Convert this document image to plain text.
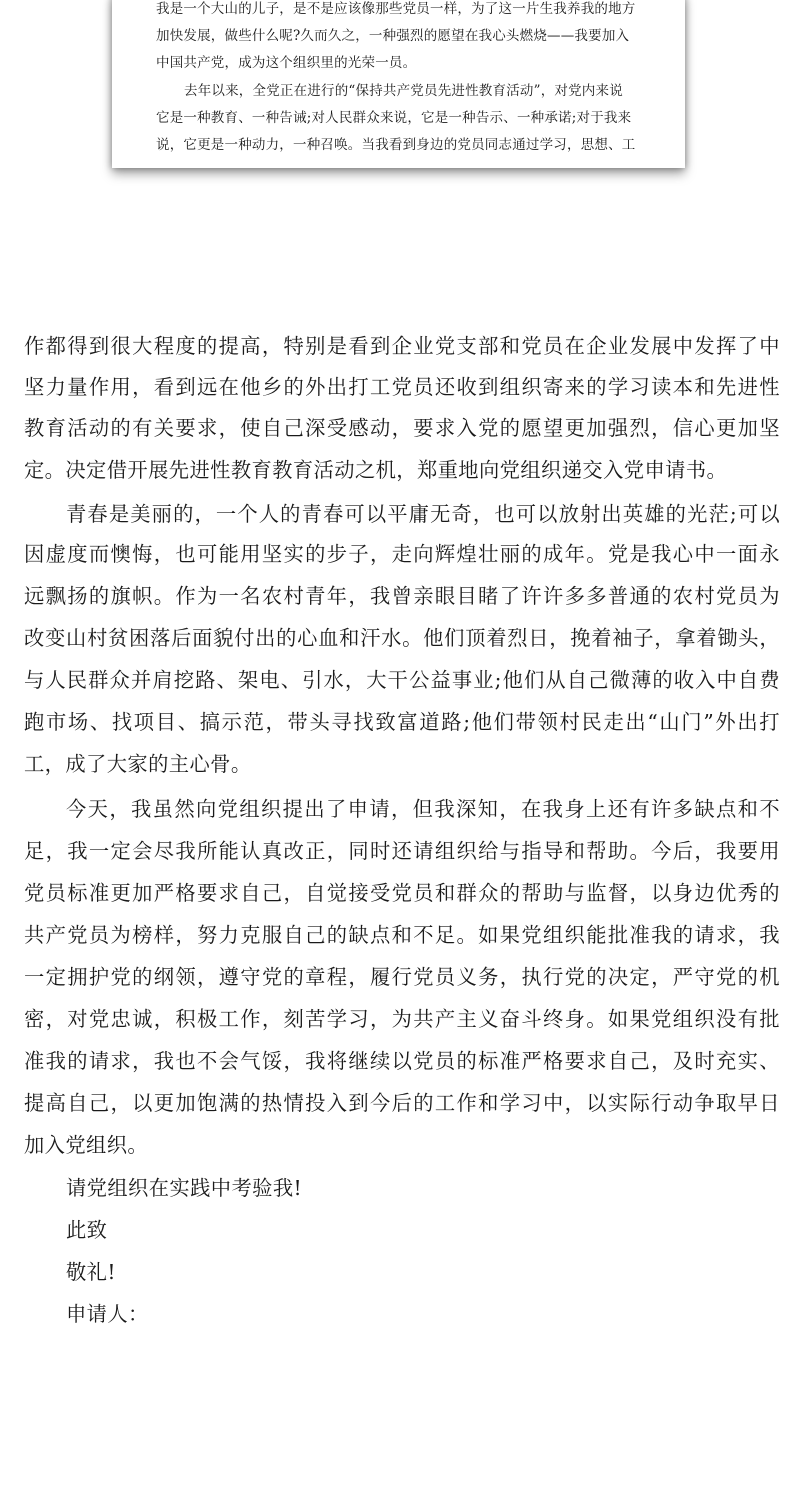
我是一个大山的儿子，是不是应该像那些党员一样，为了这一片生我养我的地方
加快发展，做些什么呢?久而久之，一种强烈的愿望在我心头燃烧——我要加入
中国共产党，成为这个组织里的光荣一员。
去年以来，全党正在进行的“保持共产党员先进性教育活动”，对党内来说
它是一种教育、一种告诫;对人民群众来说，它是一种告示、一种承诺;对于我来
说，它更是一种动力，一种召唤。当我看到身边的党员同志通过学习，思想、工
作都得到很大程度的提高，特别是看到企业党支部和党员在企业发展中发挥了中
坚力量作用，看到远在他乡的外出打工党员还收到组织寄来的学习读本和先进性
教育活动的有关要求，使自己深受感动，要求入党的愿望更加强烈，信心更加坚
定。决定借开展先进性教育教育活动之机，郑重地向党组织递交入党申请书。
青春是美丽的，一个人的青春可以平庸无奇，也可以放射出英雄的光茫;可以
因虚度而懊悔，也可能用坚实的步子，走向辉煌壮丽的成年。党是我心中一面永
远飘扬的旗帜。作为一名农村青年，我曾亲眼目睹了许许多多普通的农村党员为
改变山村贫困落后面貌付出的心血和汗水。他们顶着烈日，挽着袖子，拿着锄头，
与人民群众并肩挖路、架电、引水，大干公益事业;他们从自己微薄的收入中自费
跑市场、找项目、搞示范，带头寻找致富道路;他们带领村民走出“山门”外出打
工，成了大家的主心骨。
今天，我虽然向党组织提出了申请，但我深知，在我身上还有许多缺点和不
足，我一定会尽我所能认真改正，同时还请组织给与指导和帮助。今后，我要用
党员标准更加严格要求自己，自觉接受党员和群众的帮助与监督，以身边优秀的
共产党员为榜样，努力克服自己的缺点和不足。如果党组织能批准我的请求，我
一定拥护党的纲领，遵守党的章程，履行党员义务，执行党的决定，严守党的机
密，对党忠诚，积极工作，刻苦学习，为共产主义奋斗终身。如果党组织没有批
准我的请求，我也不会气馁，我将继续以党员的标准严格要求自己，及时充实、
提高自己，以更加饱满的热情投入到今后的工作和学习中，以实际行动争取早日
加入党组织。
请党组织在实践中考验我!
此致
敬礼!
申请人：
